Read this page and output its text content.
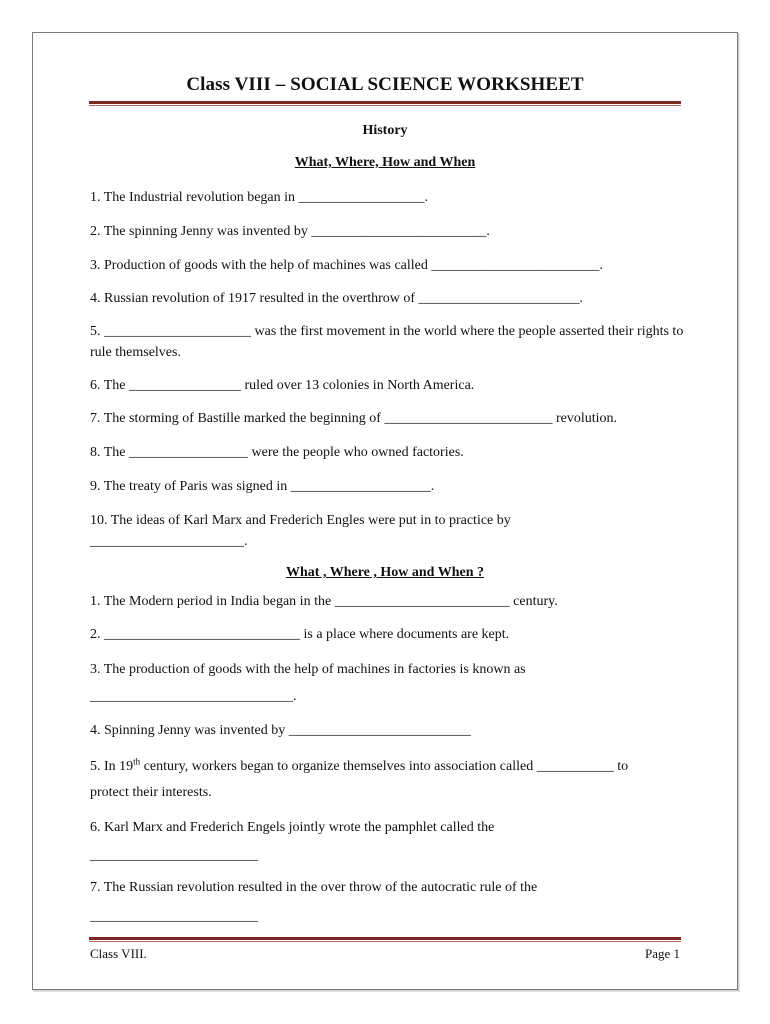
Class VIII – SOCIAL SCIENCE WORKSHEET
History
What, Where, How and When
1. The Industrial revolution began in __________________.
2. The spinning Jenny was invented by _________________________.
3. Production of goods with the help of machines was called ________________________.
4. Russian revolution of 1917 resulted in the overthrow of _______________________.
5. _____________________ was the first movement in the world where the people asserted their rights to rule themselves.
6. The ________________ ruled over 13 colonies in North America.
7. The storming of Bastille marked the beginning of ________________________ revolution.
8. The _________________ were the people who owned factories.
9. The treaty of Paris was signed in ____________________.
10. The ideas of Karl Marx and Frederich Engles were put in to practice by ______________________.
What , Where , How and When ?
1. The Modern period in India began in the _________________________ century.
2. ____________________________ is a place where documents are kept.
3. The production of goods with the help of machines in factories is known as
_____________________________.
4. Spinning Jenny was invented by __________________________
5. In 19th century, workers began to organize themselves into association called ___________ to
protect their interests.
6. Karl Marx and Frederich Engels jointly wrote the pamphlet called the
________________________
7. The Russian revolution resulted in the over throw of the autocratic rule of the
________________________
Class VIII.	Page 1
